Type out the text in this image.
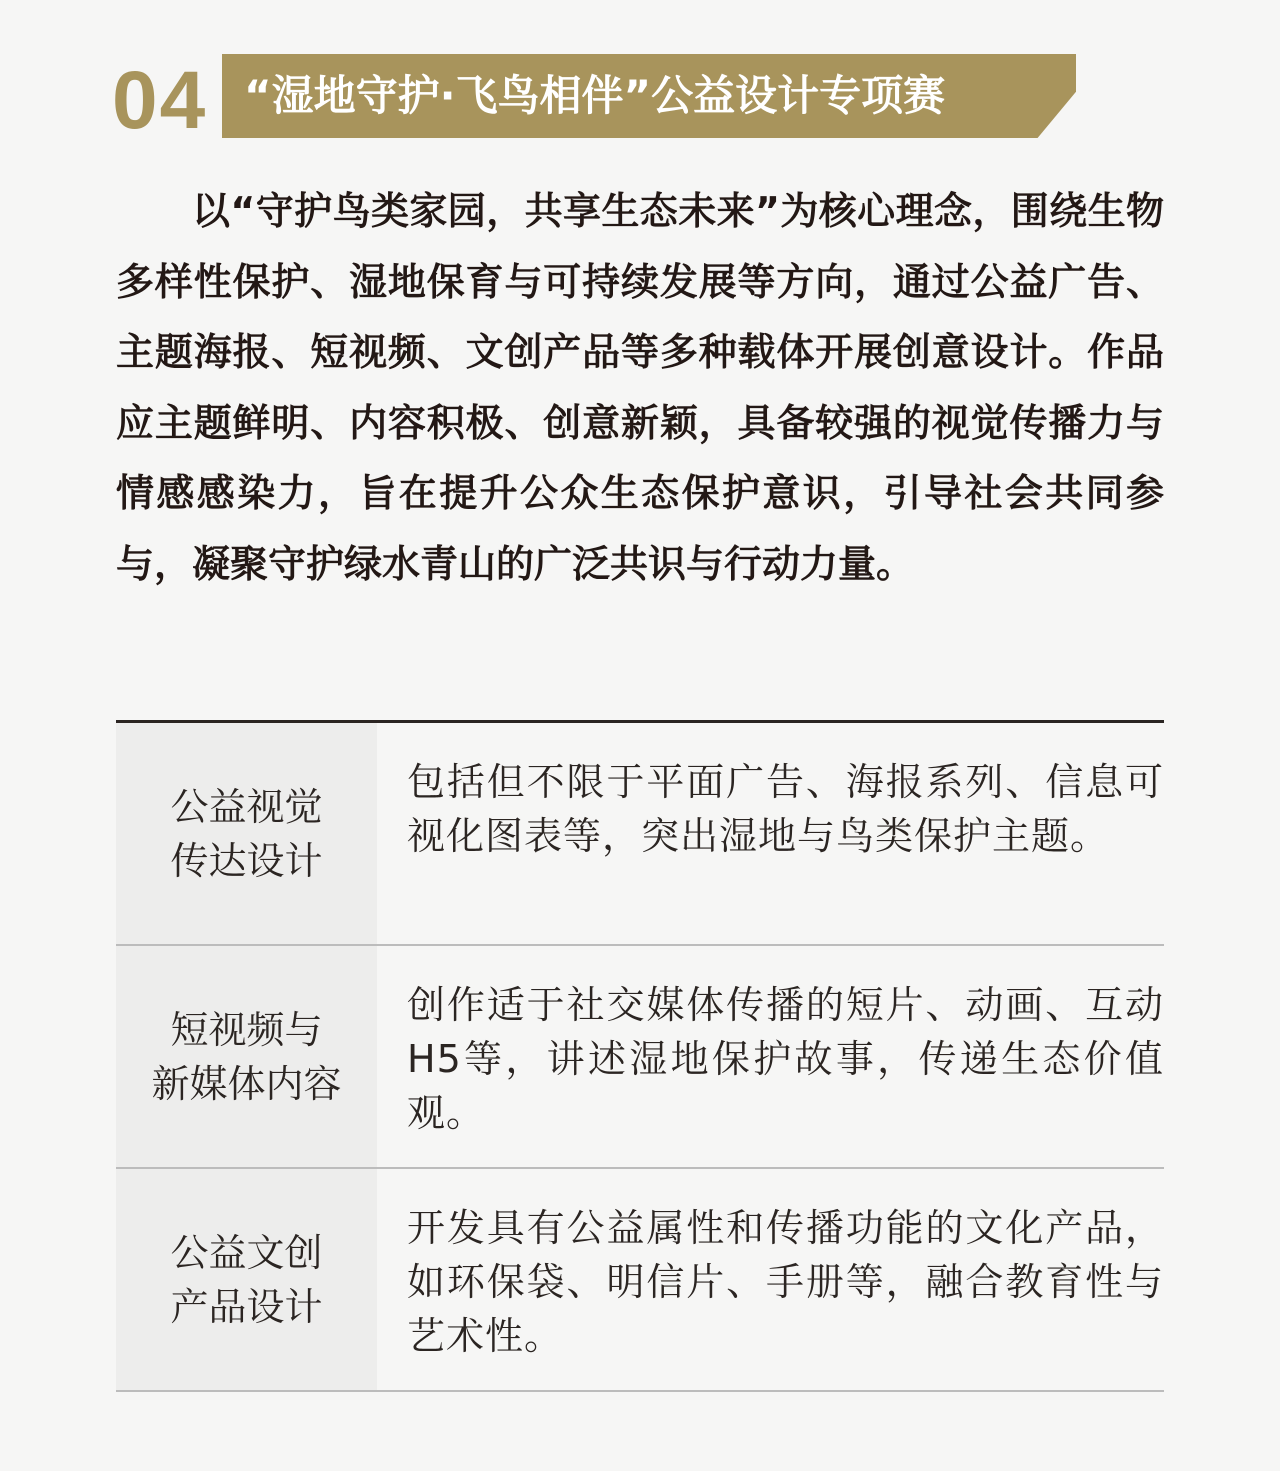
04 “湿地守护·飞鸟相伴”公益设计专项赛

以“守护鸟类家园，共享生态未来”为核心理念，围绕生物多样性保护、湿地保育与可持续发展等方向，通过公益广告、主题海报、短视频、文创产品等多种载体开展创意设计。作品应主题鲜明、内容积极、创意新颖，具备较强的视觉传播力与情感感染力，旨在提升公众生态保护意识，引导社会共同参与，凝聚守护绿水青山的广泛共识与行动力量。

公益视觉
传达设计
包括但不限于平面广告、海报系列、信息可视化图表等，突出湿地与鸟类保护主题。
短视频与
新媒体内容
创作适于社交媒体传播的短片、动画、互动H5等，讲述湿地保护故事，传递生态价值观。
公益文创
产品设计
开发具有公益属性和传播功能的文化产品，如环保袋、明信片、手册等，融合教育性与艺术性。
